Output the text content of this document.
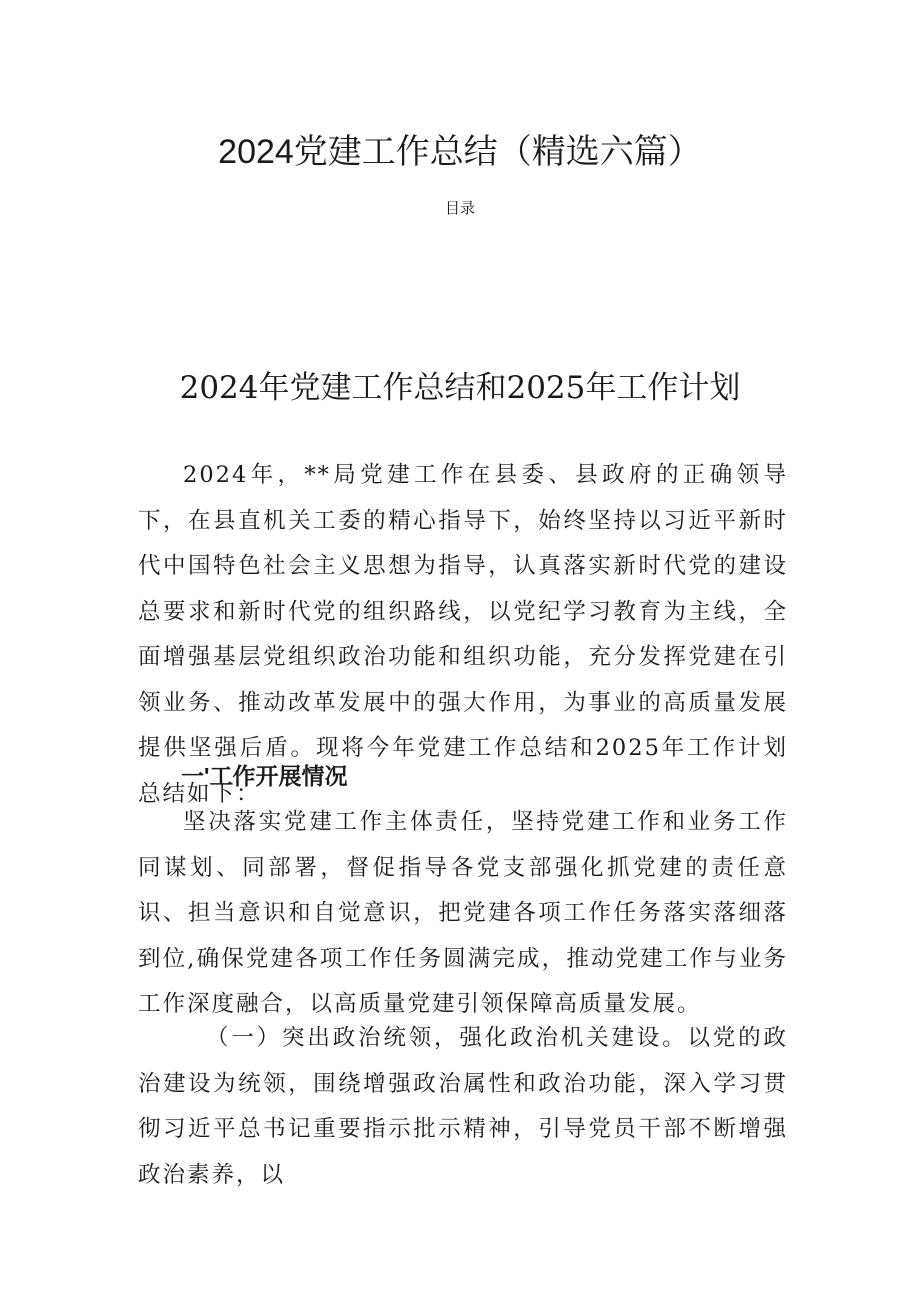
2024党建工作总结（精选六篇）

目录

2024年党建工作总结和2025年工作计划

2024年，**局党建工作在县委、县政府的正确领导下，在县直机关工委的精心指导下，始终坚持以习近平新时代中国特色社会主义思想为指导，认真落实新时代党的建设总要求和新时代党的组织路线，以党纪学习教育为主线，全面增强基层党组织政治功能和组织功能，充分发挥党建在引领业务、推动改革发展中的强大作用，为事业的高质量发展提供坚强后盾。现将今年党建工作总结和2025年工作计划总结如下：

一'工作开展情况

坚决落实党建工作主体责任，坚持党建工作和业务工作同谋划、同部署，督促指导各党支部强化抓党建的责任意识、担当意识和自觉意识，把党建各项工作任务落实落细落到位,确保党建各项工作任务圆满完成，推动党建工作与业务工作深度融合，以高质量党建引领保障高质量发展。

（一）突出政治统领，强化政治机关建设。以党的政治建设为统领，围绕增强政治属性和政治功能，深入学习贯彻习近平总书记重要指示批示精神，引导党员干部不断增强政治素养，以
